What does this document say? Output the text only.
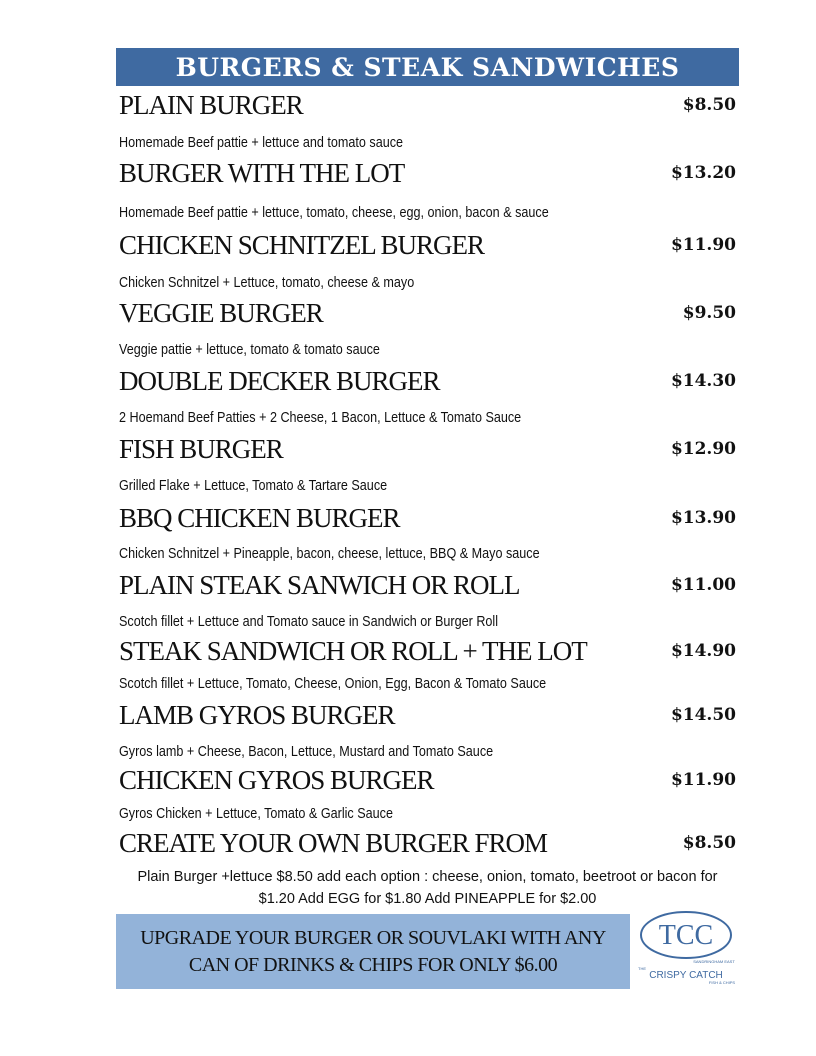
BURGERS & STEAK SANDWICHES
PLAIN BURGER	$8.50
Homemade Beef pattie + lettuce and tomato sauce
BURGER WITH THE LOT	$13.20
Homemade Beef pattie + lettuce, tomato, cheese, egg, onion, bacon & sauce
CHICKEN SCHNITZEL BURGER	$11.90
Chicken Schnitzel + Lettuce, tomato, cheese & mayo
VEGGIE BURGER	$9.50
Veggie pattie + lettuce, tomato & tomato sauce
DOUBLE DECKER BURGER	$14.30
2 Hoemand Beef Patties + 2 Cheese, 1 Bacon, Lettuce & Tomato Sauce
FISH BURGER	$12.90
Grilled Flake + Lettuce, Tomato & Tartare Sauce
BBQ CHICKEN BURGER	$13.90
Chicken Schnitzel + Pineapple, bacon, cheese, lettuce, BBQ & Mayo sauce
PLAIN STEAK SANWICH OR ROLL	$11.00
Scotch fillet + Lettuce and Tomato sauce in Sandwich or Burger Roll
STEAK SANDWICH OR ROLL + THE LOT	$14.90
Scotch fillet + Lettuce, Tomato, Cheese, Onion, Egg, Bacon & Tomato Sauce
LAMB GYROS BURGER	$14.50
Gyros lamb + Cheese, Bacon, Lettuce, Mustard and Tomato Sauce
CHICKEN GYROS BURGER	$11.90
Gyros Chicken + Lettuce, Tomato & Garlic Sauce
CREATE YOUR OWN BURGER FROM	$8.50
Plain Burger +lettuce $8.50 add each option : cheese, onion, tomato, beetroot or bacon for
$1.20 Add EGG for $1.80 Add PINEAPPLE for $2.00
UPGRADE YOUR BURGER OR SOUVLAKI WITH ANY
CAN OF DRINKS & CHIPS FOR ONLY $6.00
TCC
SANDRINGHAM EAST
THE
CRISPY CATCH
FISH & CHIPS
